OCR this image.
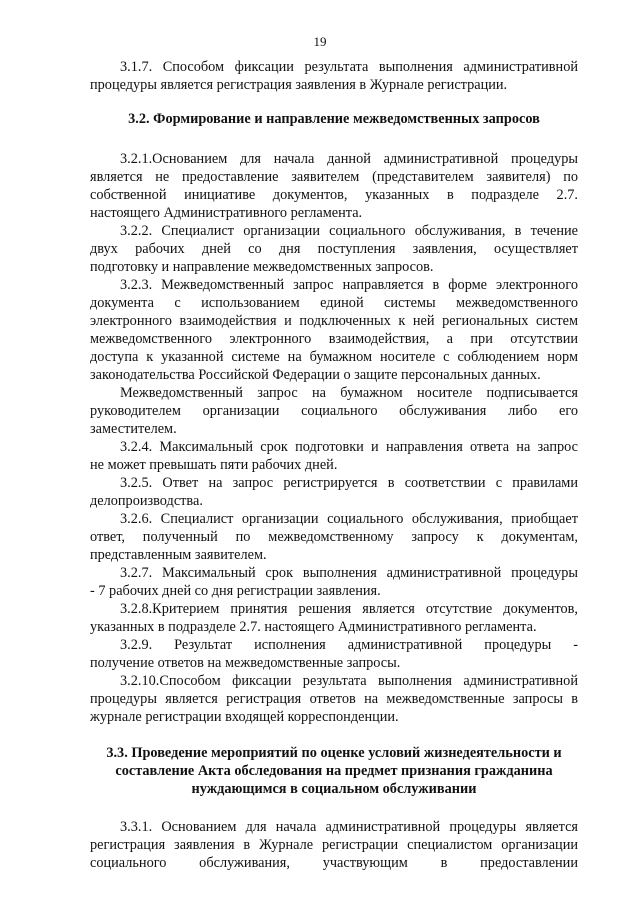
19
3.1.7. Способом фиксации результата выполнения административной
процедуры является регистрация заявления в Журнале регистрации.
3.2. Формирование и направление межведомственных запросов
3.2.1.Основанием для начала данной административной процедуры
является не предоставление заявителем (представителем заявителя) по
собственной инициативе документов, указанных в подразделе 2.7.
настоящего Административного регламента.
3.2.2. Специалист организации социального обслуживания, в течение
двух рабочих дней со дня поступления заявления, осуществляет
подготовку и направление межведомственных запросов.
3.2.3. Межведомственный запрос направляется в форме электронного
документа с использованием единой системы межведомственного
электронного взаимодействия и подключенных к ней региональных систем
межведомственного электронного взаимодействия, а при отсутствии
доступа к указанной системе на бумажном носителе с соблюдением норм
законодательства Российской Федерации о защите персональных данных.
Межведомственный запрос на бумажном носителе подписывается
руководителем организации социального обслуживания либо его
заместителем.
3.2.4. Максимальный срок подготовки и направления ответа на запрос
не может превышать пяти рабочих дней.
3.2.5. Ответ на запрос регистрируется в соответствии с правилами
делопроизводства.
3.2.6. Специалист организации социального обслуживания, приобщает
ответ, полученный по межведомственному запросу к документам,
представленным заявителем.
3.2.7. Максимальный срок выполнения административной процедуры
- 7 рабочих дней со дня регистрации заявления.
3.2.8.Критерием принятия решения является отсутствие документов,
указанных в подразделе 2.7. настоящего Административного регламента.
3.2.9. Результат исполнения административной процедуры -
получение ответов на межведомственные запросы.
3.2.10.Способом фиксации результата выполнения административной
процедуры является регистрация ответов на межведомственные запросы в
журнале регистрации входящей корреспонденции.
3.3. Проведение мероприятий по оценке условий жизнедеятельности и
составление Акта обследования на предмет признания гражданина
нуждающимся в социальном обслуживании
3.3.1. Основанием для начала административной процедуры является
регистрация заявления в Журнале регистрации специалистом организации
социального обслуживания, участвующим в предоставлении
